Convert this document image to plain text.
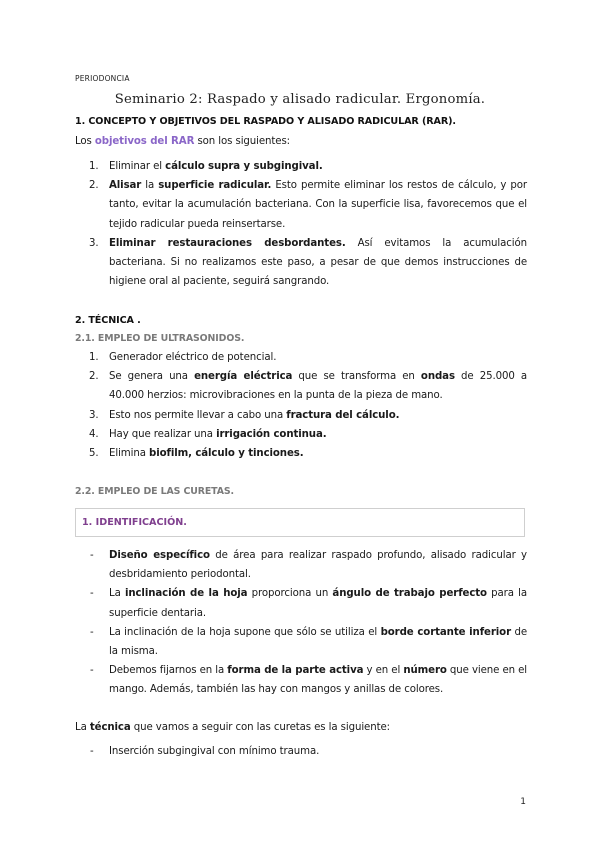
PERIODONCIA
Seminario 2: Raspado y alisado radicular. Ergonomía.
1. CONCEPTO Y OBJETIVOS DEL RASPADO Y ALISADO RADICULAR (RAR).
Los objetivos del RAR son los siguientes:
1. Eliminar el cálculo supra y subgingival.
2. Alisar la superficie radicular. Esto permite eliminar los restos de cálculo, y por tanto, evitar la acumulación bacteriana. Con la superficie lisa, favorecemos que el tejido radicular pueda reinsertarse.
3. Eliminar restauraciones desbordantes. Así evitamos la acumulación bacteriana. Si no realizamos este paso, a pesar de que demos instrucciones de higiene oral al paciente, seguirá sangrando.
2. TÉCNICA .
2.1. EMPLEO DE ULTRASONIDOS.
1. Generador eléctrico de potencial.
2. Se genera una energía eléctrica que se transforma en ondas de 25.000 a 40.000 herzios: microvibraciones en la punta de la pieza de mano.
3. Esto nos permite llevar a cabo una fractura del cálculo.
4. Hay que realizar una irrigación continua.
5. Elimina biofilm, cálculo y tinciones.
2.2. EMPLEO DE LAS CURETAS.
1. IDENTIFICACIÓN.
- Diseño específico de área para realizar raspado profundo, alisado radicular y desbridamiento periodontal.
- La inclinación de la hoja proporciona un ángulo de trabajo perfecto para la superficie dentaria.
- La inclinación de la hoja supone que sólo se utiliza el borde cortante inferior de la misma.
- Debemos fijarnos en la forma de la parte activa y en el número que viene en el mango. Además, también las hay con mangos y anillas de colores.
La técnica que vamos a seguir con las curetas es la siguiente:
- Inserción subgingival con mínimo trauma.
1
